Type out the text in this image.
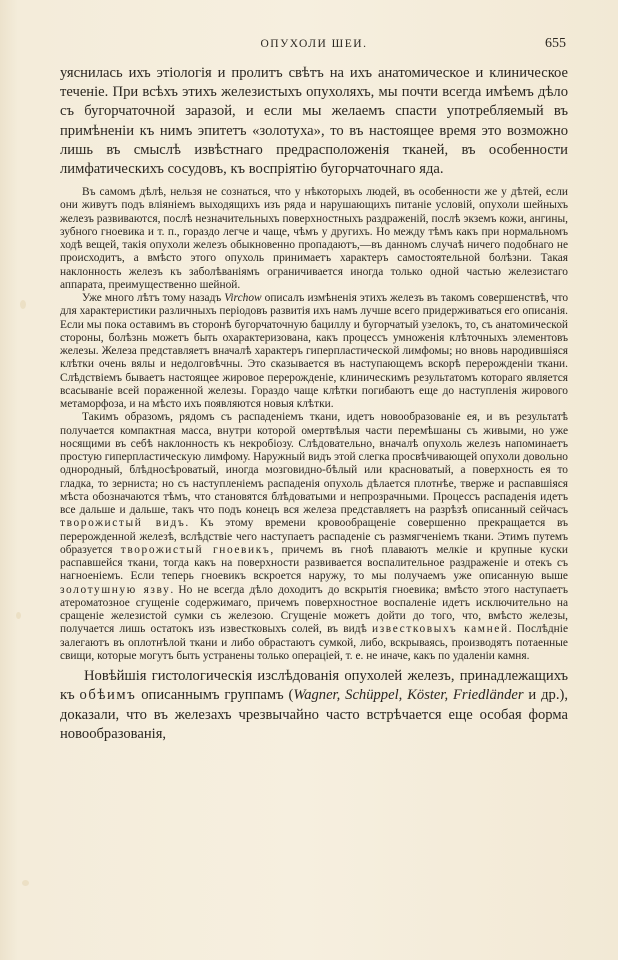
ОПУХОЛИ ШЕИ.	655

уяснилась ихъ этіологія и пролитъ свѣтъ на ихъ анатомическое и клиническое теченіе. При всѣхъ этихъ железистыхъ опухоляхъ, мы почти всегда имѣемъ дѣло съ бугорчаточной заразой, и если мы желаемъ спасти употребляемый въ примѣненіи къ нимъ эпитетъ «золотуха», то въ настоящее время это возможно лишь въ смыслѣ извѣстнаго предрасположенія тканей, въ особенности лимфатическихъ сосудовъ, къ воспріятію бугорчаточнаго яда.

Въ самомъ дѣлѣ, нельзя не сознаться, что у нѣкоторыхъ людей, въ особенности же у дѣтей, если они живутъ подъ вліяніемъ выходящихъ изъ ряда и нарушающихъ питаніе условій, опухоли шейныхъ железъ развиваются, послѣ незначительныхъ поверхностныхъ раздраженій, послѣ экземъ кожи, ангины, зубного гноевика и т. п., гораздо легче и чаще, чѣмъ у другихъ. Но между тѣмъ какъ при нормальномъ ходѣ вещей, такія опухоли железъ обыкновенно пропадаютъ,—въ данномъ случаѣ ничего подобнаго не происходитъ, а вмѣсто этого опухоль принимаетъ характеръ самостоятельной болѣзни. Такая наклонность железъ къ заболѣваніямъ ограничивается иногда только одной частью железистаго аппарата, преимущественно шейной.

Уже много лѣтъ тому назадъ Virchow описалъ измѣненія этихъ железъ въ такомъ совершенствѣ, что для характеристики различныхъ періодовъ развитія ихъ намъ лучше всего придерживаться его описанія. Если мы пока оставимъ въ сторонѣ бугорчаточную бациллу и бугорчатый узелокъ, то, съ анатомической стороны, болѣзнь можетъ быть охарактеризована, какъ процессъ умноженія клѣточныхъ элементовъ железы. Железа представляетъ вначалѣ характеръ гиперпластической лимфомы; но вновь народившіяся клѣтки очень вялы и недолговѣчны. Это сказывается въ наступающемъ вскорѣ перерожденіи ткани. Слѣдствіемъ бываетъ настоящее жировое перерожденіе, клиническимъ результатомъ котораго является всасываніе всей пораженной железы. Гораздо чаще клѣтки погибаютъ еще до наступленія жирового метаморфоза, и на мѣсто ихъ появляются новыя клѣтки.

Такимъ образомъ, рядомъ съ распаденіемъ ткани, идетъ новообразованіе ея, и въ результатѣ получается компактная масса, внутри которой омертвѣлыя части перемѣшаны съ живыми, но уже носящими въ себѣ наклонность къ некробіозу. Слѣдовательно, вначалѣ опухоль железъ напоминаетъ простую гиперпластическую лимфому. Наружный видъ этой слегка просвѣчивающей опухоли довольно однородный, блѣдносѣроватый, иногда мозговидно-бѣлый или красноватый, а поверхность ея то гладка, то зерниста; но съ наступленіемъ распаденія опухоль дѣлается плотнѣе, тверже и распавшіяся мѣста обозначаются тѣмъ, что становятся блѣдоватыми и непрозрачными. Процессъ распаденія идетъ все дальше и дальше, такъ что подъ конецъ вся железа представляетъ на разрѣзѣ описанный сейчасъ творожистый видъ. Къ этому времени кровообращеніе совершенно прекращается въ перерожденной железѣ, вслѣдствіе чего наступаетъ распаденіе съ размягченіемъ ткани. Этимъ путемъ образуется творожистый гноевикъ, причемъ въ гноѣ плаваютъ мелкіе и крупные куски распавшейся ткани, тогда какъ на поверхности развивается воспалительное раздраженіе и отекъ съ нагноеніемъ. Если теперь гноевикъ вскроется наружу, то мы получаемъ уже описанную выше золотушную язву. Но не всегда дѣло доходитъ до вскрытія гноевика; вмѣсто этого наступаетъ атероматозное сгущеніе содержимаго, причемъ поверхностное воспаленіе идетъ исключительно на сращеніе железистой сумки съ железою. Сгущеніе можетъ дойти до того, что, вмѣсто железы, получается лишь остатокъ изъ известковыхъ солей, въ видѣ известковыхъ камней. Послѣдніе залегаютъ въ оплотнѣлой ткани и либо обрастаютъ сумкой, либо, вскрываясь, производятъ потаенные свищи, которые могутъ быть устранены только операціей, т. е. не иначе, какъ по удаленіи камня.

Новѣйшія гистологическія изслѣдованія опухолей железъ, принадлежащихъ къ обѣимъ описаннымъ группамъ (Wagner, Schüppel, Köster, Friedländer и др.), доказали, что въ железахъ чрезвычайно часто встрѣчается еще особая форма новообразованія,
